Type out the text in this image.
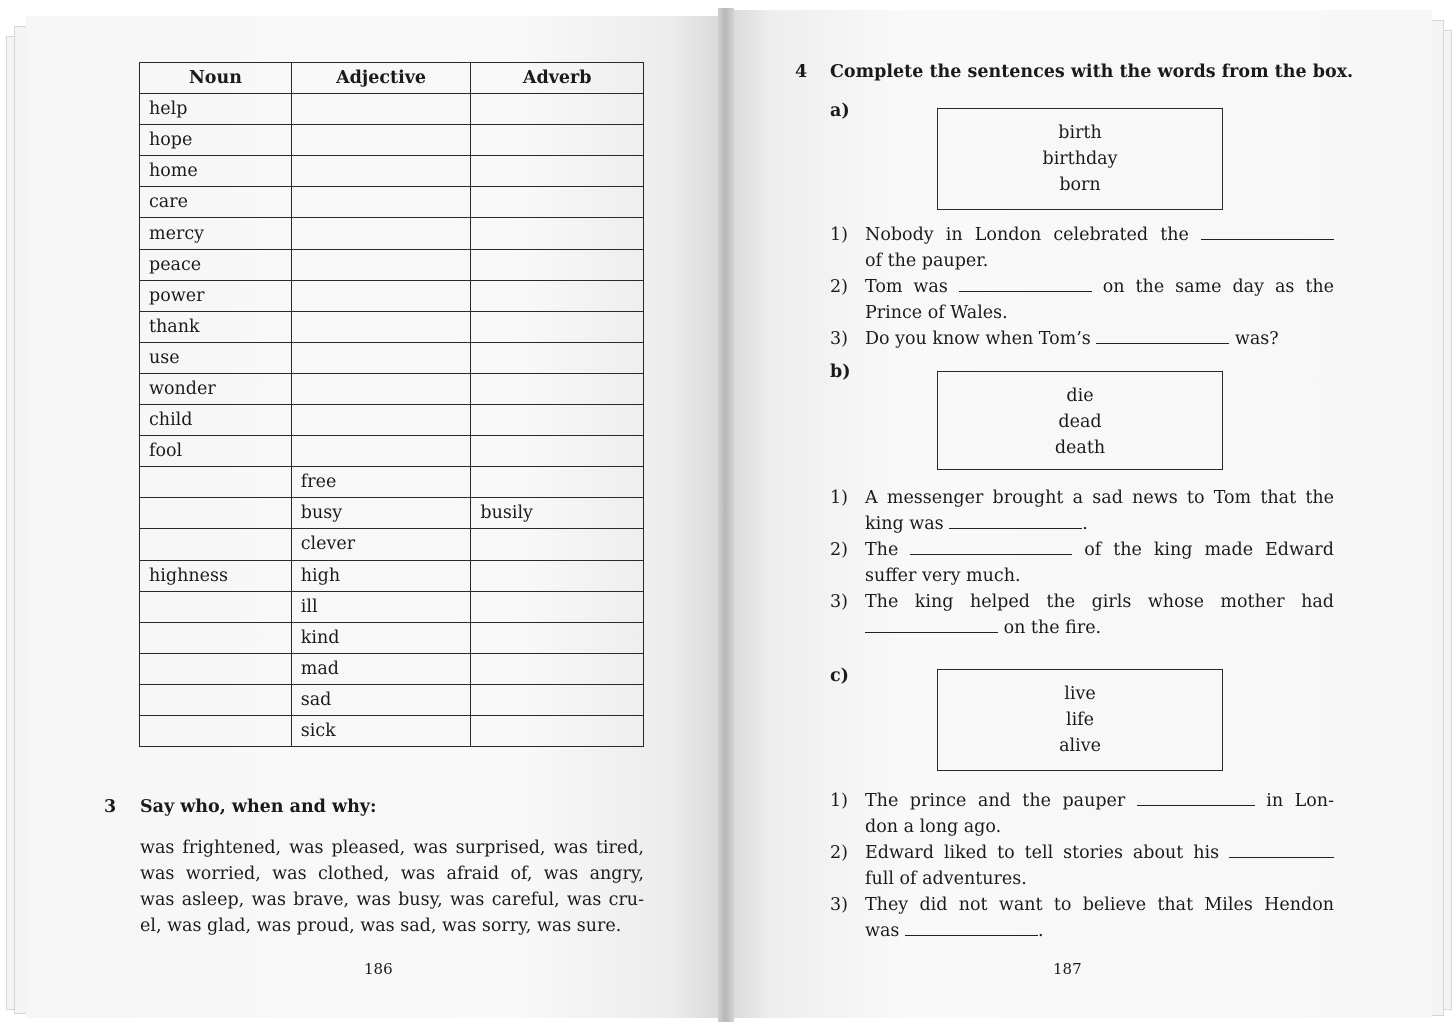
Noun	Adjective	Adverb
help		
hope		
home		
care		
mercy		
peace		
power		
thank		
use		
wonder		
child		
fool		
	free	
	busy	busily
	clever	
highness	high	
	ill	
	kind	
	mad	
	sad	
	sick	
3 Say who, when and why:
was frightened, was pleased, was surprised, was tired,
was worried, was clothed, was afraid of, was angry,
was asleep, was brave, was busy, was careful, was cru-
el, was glad, was proud, was sad, was sorry, was sure.
186
4 Complete the sentences with the words from the box.
a)
birth
birthday
born
1) Nobody in London celebrated the
of the pauper.
2) Tom was	on the same day as the
Prince of Wales.
3) Do you know when Tom’s	was?
b)
die
dead
death
1) A messenger brought a sad news to Tom that the
king was	.
2) The	of the king made Edward
suffer very much.
3) The king helped the girls whose mother had
on the fire.
c)
live
life
alive
1) The prince and the pauper	in Lon-
don a long ago.
2) Edward liked to tell stories about his
full of adventures.
3) They did not want to believe that Miles Hendon
was	.
187
